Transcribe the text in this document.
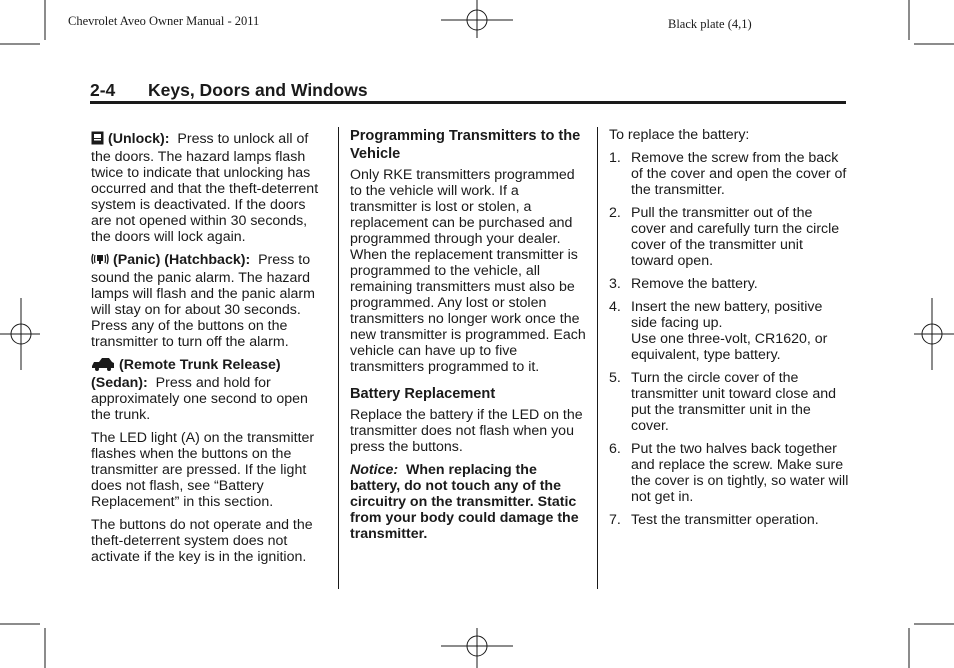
Chevrolet Aveo Owner Manual - 2011	Black plate (4,1)
2-4 Keys, Doors and Windows

(Unlock): Press to unlock all of the doors. The hazard lamps flash twice to indicate that unlocking has occurred and that the theft-deterrent system is deactivated. If the doors are not opened within 30 seconds, the doors will lock again.

(Panic) (Hatchback): Press to sound the panic alarm. The hazard lamps will flash and the panic alarm will stay on for about 30 seconds. Press any of the buttons on the transmitter to turn off the alarm.

(Remote Trunk Release) (Sedan): Press and hold for approximately one second to open the trunk.

The LED light (A) on the transmitter flashes when the buttons on the transmitter are pressed. If the light does not flash, see “Battery Replacement” in this section.

The buttons do not operate and the theft-deterrent system does not activate if the key is in the ignition.

Programming Transmitters to the Vehicle

Only RKE transmitters programmed to the vehicle will work. If a transmitter is lost or stolen, a replacement can be purchased and programmed through your dealer. When the replacement transmitter is programmed to the vehicle, all remaining transmitters must also be programmed. Any lost or stolen transmitters no longer work once the new transmitter is programmed. Each vehicle can have up to five transmitters programmed to it.

Battery Replacement

Replace the battery if the LED on the transmitter does not flash when you press the buttons.

Notice: When replacing the battery, do not touch any of the circuitry on the transmitter. Static from your body could damage the transmitter.

To replace the battery:

1. Remove the screw from the back of the cover and open the cover of the transmitter.
2. Pull the transmitter out of the cover and carefully turn the circle cover of the transmitter unit toward open.
3. Remove the battery.
4. Insert the new battery, positive side facing up.
Use one three-volt, CR1620, or equivalent, type battery.
5. Turn the circle cover of the transmitter unit toward close and put the transmitter unit in the cover.
6. Put the two halves back together and replace the screw. Make sure the cover is on tightly, so water will not get in.
7. Test the transmitter operation.
